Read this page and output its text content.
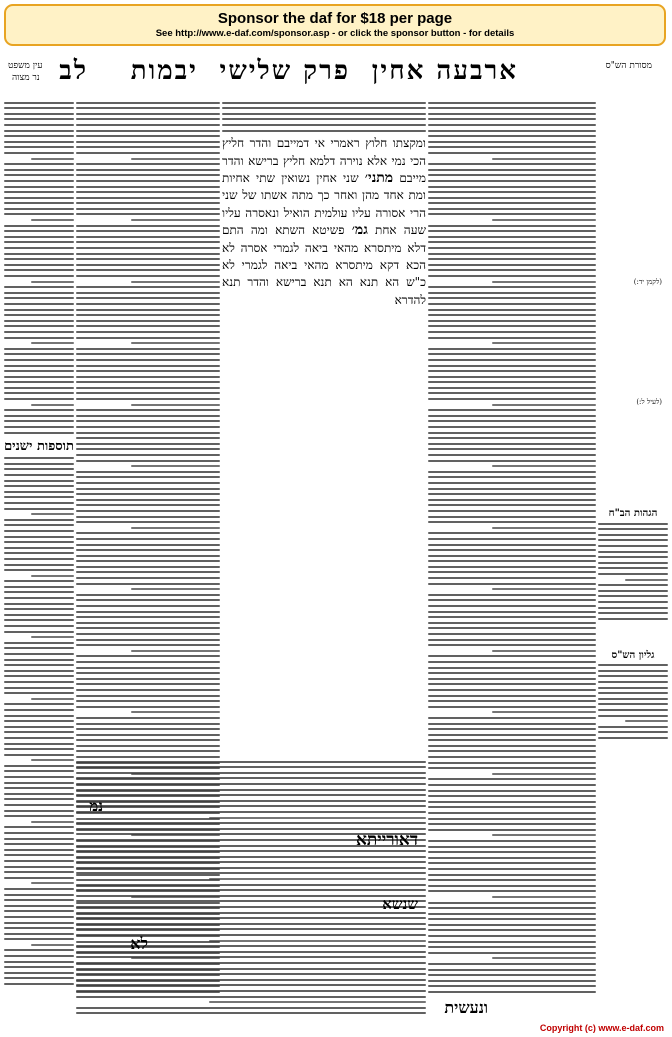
Sponsor the daf for $18 per page
See http://www.e-daf.com/sponsor.asp - or click the sponsor button - for details
מסורת הש"ס
ארבעה אחין
פרק שלישי
יבמות
לב
עין משפט
נר מצוה
(לקמן יד:)
(לעיל ל:)
הגהות הב"ח
גליון הש"ס
ומקצתו חלוץ ראמרי אי דמייבם והדר חליץ הכי נמי אלא נוירה דלמא חליץ ברישא והדר מייבם מתני׳ שני אחין נשואין שתי אחיות ומת אחד מהן ואחר כך מתה אשתו של שני הרי אסורה עליו עולמית הואיל ונאסרה עליו שעה אחת גמ׳ פשיטא השתא ומה התם דלא מיתסרא מהאי ביאה לגמרי אסרה לא הכא דקא מיתסרא מהאי ביאה לגמרי לא כ"ש הא תנא הא תנא ברישא והדר תנא להדרא
תוספות ישנים
נמ
דאורייתא
שנשא
לא
ונעשית
Copyright (c) www.e-daf.com
